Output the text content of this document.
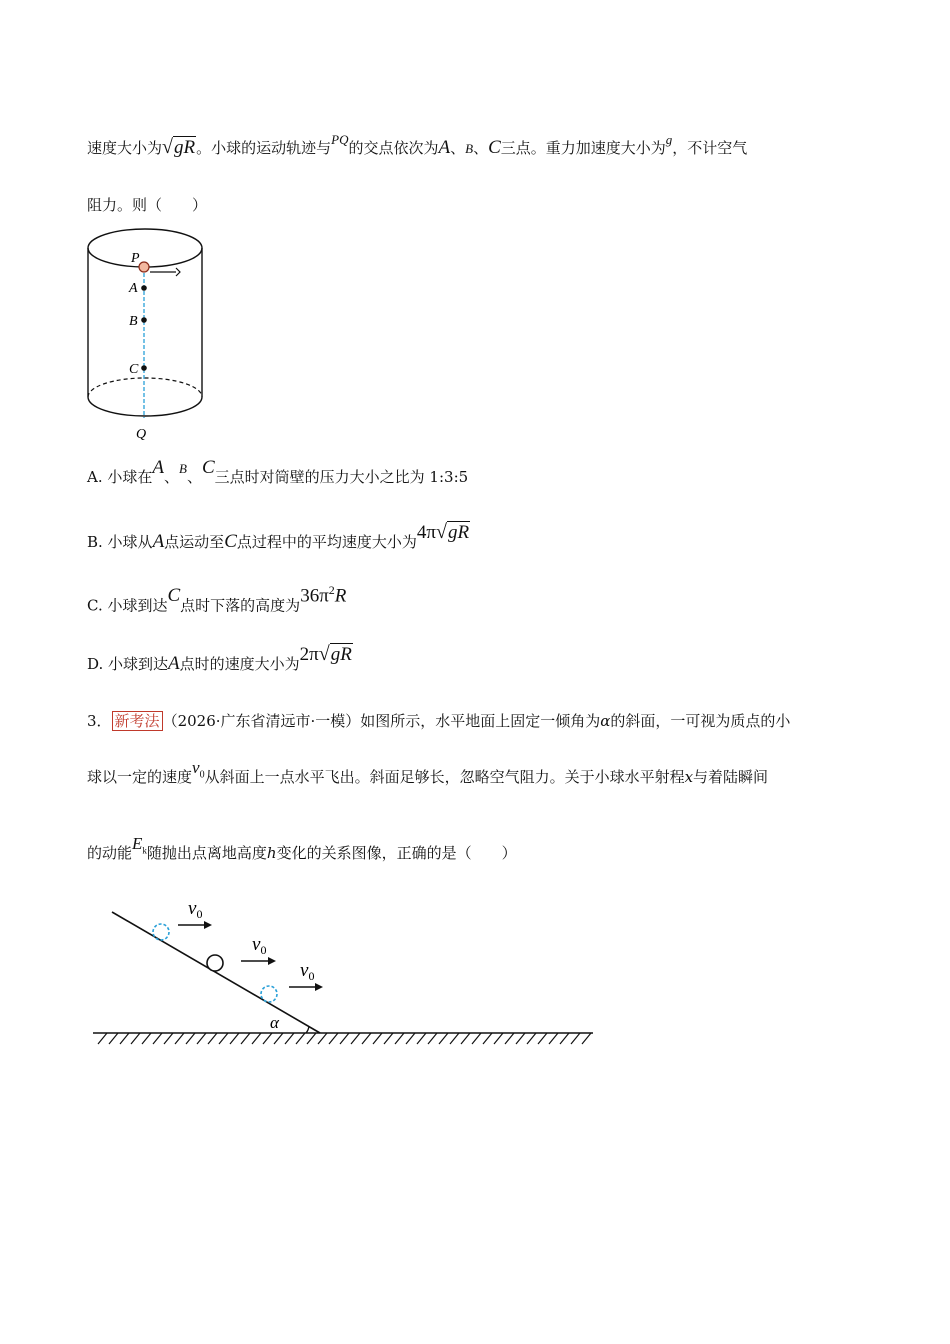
速度大小为√gR。小球的运动轨迹与PQ的交点依次为A、B、C三点。重力加速度大小为g，不计空气
阻力。则（　　）
P
A
B
C
Q
A. 小球在A、B、C三点时对筒壁的压力大小之比为 1:3:5
B. 小球从A点运动至C点过程中的平均速度大小为4π√gR
C. 小球到达C点时下落的高度为$36\pi^2R$
D. 小球到达A点时的速度大小为2π√gR
3． 新考法 （2026·广东省清远市·一模）如图所示，水平地面上固定一倾角为α的斜面，一可视为质点的小
球以一定的速度$v_0$从斜面上一点水平飞出。斜面足够长，忽略空气阻力。关于小球水平射程x与着陆瞬间
的动能$E_k$随抛出点离地高度h变化的关系图像，正确的是（　　）
$v_0$
$v_0$
$v_0$
α
